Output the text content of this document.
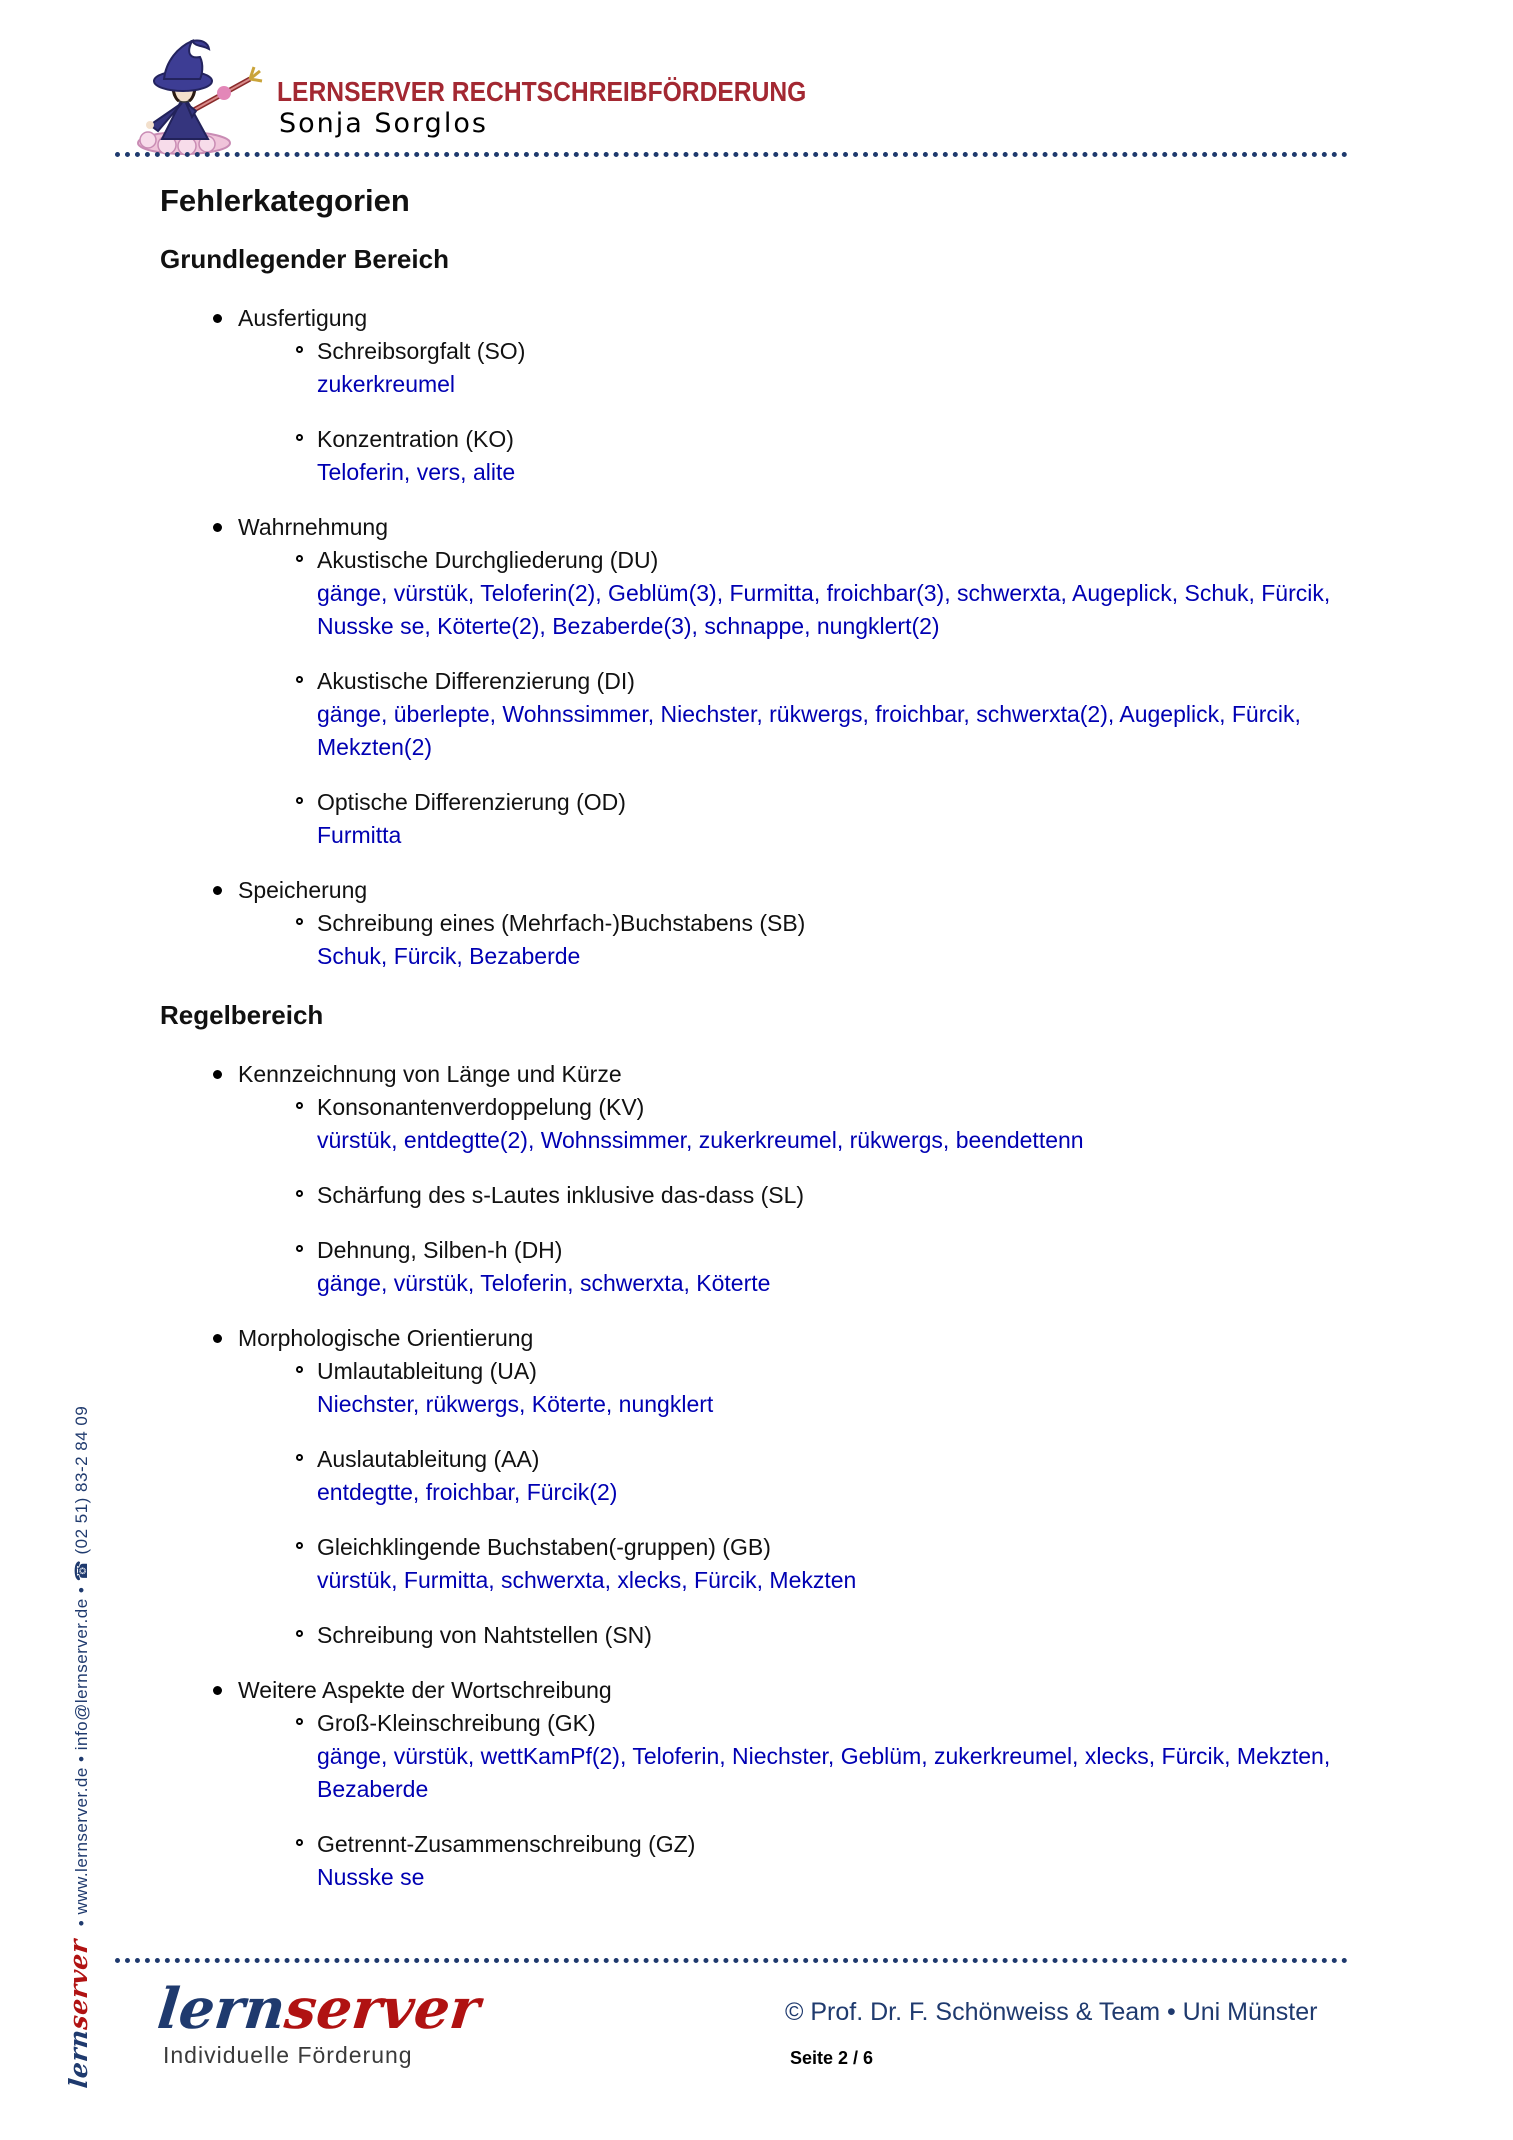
LERNSERVER RECHTSCHREIBFÖRDERUNG
Sonja Sorglos
Fehlerkategorien
Grundlegender Bereich
Ausfertigung
Schreibsorgfalt (SO)
zukerkreumel
Konzentration (KO)
Teloferin, vers, alite
Wahrnehmung
Akustische Durchgliederung (DU)
gänge, vürstük, Teloferin(2), Geblüm(3), Furmitta, froichbar(3), schwerxta, Augeplick, Schuk, Fürcik, Nusske se, Köterte(2), Bezaberde(3), schnappe, nungklert(2)
Akustische Differenzierung (DI)
gänge, überlepte, Wohnssimmer, Niechster, rükwergs, froichbar, schwerxta(2), Augeplick, Fürcik, Mekzten(2)
Optische Differenzierung (OD)
Furmitta
Speicherung
Schreibung eines (Mehrfach-)Buchstabens (SB)
Schuk, Fürcik, Bezaberde
Regelbereich
Kennzeichnung von Länge und Kürze
Konsonantenverdoppelung (KV)
vürstük, entdegtte(2), Wohnssimmer, zukerkreumel, rükwergs, beendettenn
Schärfung des s-Lautes inklusive das-dass (SL)
Dehnung, Silben-h (DH)
gänge, vürstük, Teloferin, schwerxta, Köterte
Morphologische Orientierung
Umlautableitung (UA)
Niechster, rükwergs, Köterte, nungklert
Auslautableitung (AA)
entdegtte, froichbar, Fürcik(2)
Gleichklingende Buchstaben(-gruppen) (GB)
vürstük, Furmitta, schwerxta, xlecks, Fürcik, Mekzten
Schreibung von Nahtstellen (SN)
Weitere Aspekte der Wortschreibung
Groß-Kleinschreibung (GK)
gänge, vürstük, wettKamPf(2), Teloferin, Niechster, Geblüm, zukerkreumel, xlecks, Fürcik, Mekzten, Bezaberde
Getrennt-Zusammenschreibung (GZ)
Nusske se
lernserver • www.lernserver.de • info@lernserver.de • ☎ (02 51) 83-2 84 09
lernserver
Individuelle Förderung
© Prof. Dr. F. Schönweiss & Team • Uni Münster
Seite 2 / 6
